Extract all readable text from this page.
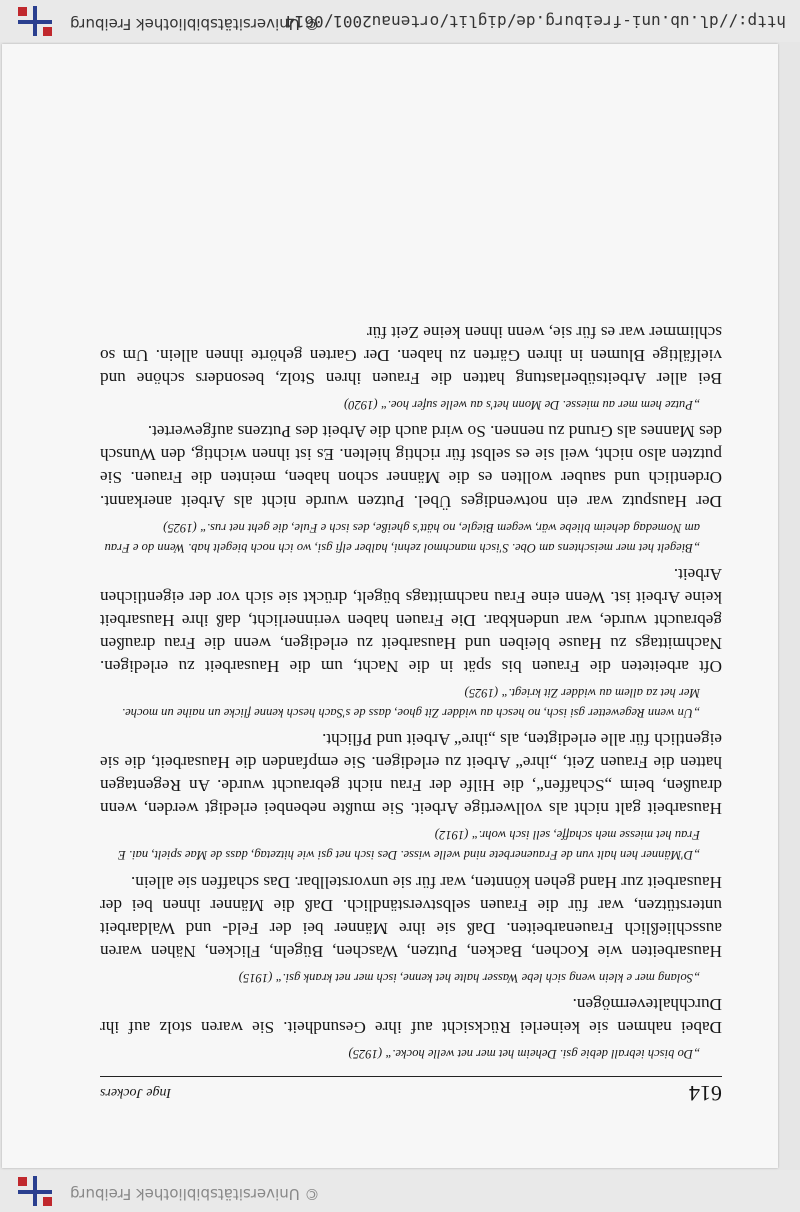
© Universitätsbibliothek Freiburg
614
Inge Jockers

„Do bisch iebrall debie gsi. Deheim het mer net welle hocke.“ (1925)

Dabei nahmen sie keinerlei Rücksicht auf ihre Gesundheit. Sie waren stolz auf ihr Durchhaltevermögen.

„Solang mer e klein weng sich lebe Wasser halte het kenne, isch mer net krank gsi.“ (1915)

Hausarbeiten wie Kochen, Backen, Putzen, Waschen, Bügeln, Flicken, Nähen waren ausschließlich Frauenarbeiten. Daß sie ihre Männer bei der Feld- und Waldarbeit unterstützen, war für die Frauen selbstverständlich. Daß die Männer ihnen bei der Hausarbeit zur Hand gehen könnten, war für sie unvorstellbar. Das schaffen sie allein.

„D'Männer hen halt vun de Frauenerbete nind welle wisse. Des isch net gsi wie hitzetag, dass de Mae spielt, nai. E Frau het miesse meh schaffe, sell isch wohr.“ (1912)

Hausarbeit galt nicht als vollwertige Arbeit. Sie mußte nebenbei erledigt werden, wenn draußen, beim „Schaffen“, die Hilfe der Frau nicht gebraucht wurde. An Regentagen hatten die Frauen Zeit, „ihre“ Arbeit zu erledigen. Sie empfanden die Hausarbeit, die sie eigentlich für alle erledigten, als „ihre“ Arbeit und Pflicht.

„Un wenn Regewetter gsi isch, no hesch au widder Zit ghoe, dass de s'Sach hesch kenne flicke un naihe un moche. Mer het za allem au widder Zit kriegt.“ (1925)

Oft arbeiteten die Frauen bis spät in die Nacht, um die Hausarbeit zu erledigen. Nachmittags zu Hause bleiben und Hausarbeit zu erledigen, wenn die Frau draußen gebraucht wurde, war undenkbar. Die Frauen haben verinnerlicht, daß ihre Hausarbeit keine Arbeit ist. Wenn eine Frau nachmittags bügelt, drückt sie sich vor der eigentlichen Arbeit.

„Biegelt het mer meischtens am Obe. S'isch manchmol zehni, halber elfi gsi, wo ich noch biegelt hab. Wenn do e Frau am Nomedag deheim bliebe wär, wegem Biegle, no hätt's gheiße, des isch e Fule, die geht net rus.“ (1925)

Der Hausputz war ein notwendiges Übel. Putzen wurde nicht als Arbeit anerkannt. Ordentlich und sauber wollten es die Männer schon haben, meinten die Frauen. Sie putzten also nicht, weil sie es selbst für richtig hielten. Es ist ihnen wichtig, den Wunsch des Mannes als Grund zu nennen. So wird auch die Arbeit des Putzens aufgewertet.

„Putze hem mer au miesse. De Monn het's au welle sufer hoe.“ (1920)

Bei aller Arbeitsüberlastung hatten die Frauen ihren Stolz, besonders schöne und vielfältige Blumen in ihren Gärten zu haben. Der Garten gehörte ihnen allein. Um so schlimmer war es für sie, wenn ihnen keine Zeit für

http://dl.ub.uni-freiburg.de/diglit/ortenau2001/0614
© Universitätsbibliothek Freiburg
